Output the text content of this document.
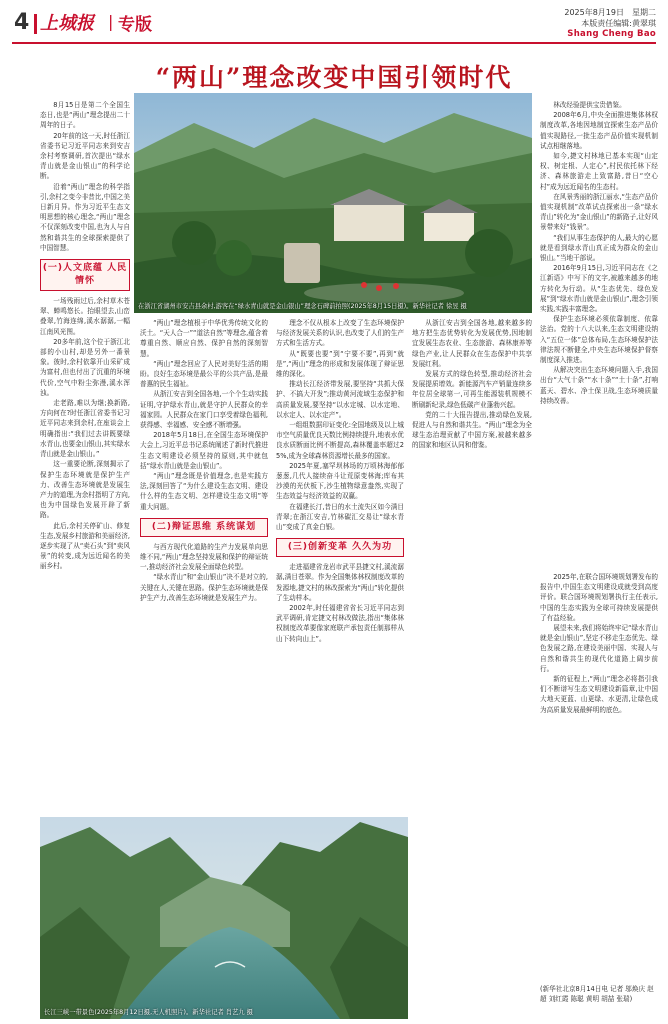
4 上城报 | 专版
2025年8月19日　星期二
本版责任编辑:黄翠琪
Shang Cheng Bao
“两山”理念改变中国引领时代
在浙江省湖州市安吉县余村,游客在“绿水青山就是金山银山”理念石碑前拍照(2025年8月15日摄)。新华社记者 徐昱 摄
长江三峡一带景色(2025年8月12日摄,无人机照片)。新华社记者 肖艺九 摄

8月15日是第二个全国生态日,也是“两山”理念提出二十周年的日子。

20年前的这一天,时任浙江省委书记习近平同志来到安吉余村考察调研,首次提出“绿水青山就是金山银山”的科学论断。

沿着“两山”理念的科学指引,余村之变今非昔比,中国之美日新月异。作为习近平生态文明思想的核心理念,“两山”理念不仅深刻改变中国,也为人与自然和谐共生的全球探索提供了中国智慧。

(一)人文底蕴 人民情怀

一场残雨过后,余村草木苍翠、蝉鸣悠长。抬眼望去,山峦叠翠,竹海连绵,溪水潺潺,一幅江南风光图。

20多年前,这个位于浙江北部的小山村,却是另外一番景象。彼时,余村依靠开山采矿成为富村,但也付出了沉重的环境代价,空气中粉尘弥漫,溪水浑浊。

走老路,难以为继;换新路,方向何在?时任浙江省委书记习近平同志来到余村,在座谈会上明确指出:“我们过去讲既要绿水青山,也要金山银山,其实绿水青山就是金山银山。”

这一重要论断,深刻揭示了保护生态环境就是保护生产力、改善生态环境就是发展生产力的道理,为余村指明了方向,也为中国绿色发展开辟了新路。

此后,余村关停矿山、修复生态,发展乡村旅游和美丽经济,逐步实现了从“卖石头”到“卖风景”的转变,成为远近闻名的美丽乡村。

“两山”理念植根于中华优秀传统文化的沃土。“天人合一”“道法自然”等理念,蕴含着尊重自然、顺应自然、保护自然的深刻智慧。

“两山”理念回应了人民对美好生活的期盼。良好生态环境是最公平的公共产品,是最普惠的民生福祉。

从浙江安吉到全国各地,一个个生动实践证明,守护绿水青山,就是守护人民群众的幸福家园。人民群众在家门口享受着绿色福利,获得感、幸福感、安全感不断增强。

2018年5月18日,在全国生态环境保护大会上,习近平总书记系统阐述了新时代推进生态文明建设必须坚持的原则,其中就包括“绿水青山就是金山银山”。

“两山”理念既是价值理念,也是实践方法,深刻回答了“为什么建设生态文明、建设什么样的生态文明、怎样建设生态文明”等重大问题。

(二)辩证思维 系统谋划

与西方现代化道路的生产力发展单向思维不同,“两山”理念坚持发展和保护的辩证统一,推动经济社会发展全面绿色转型。

“绿水青山”和“金山银山”决不是对立的,关键在人,关键在思路。保护生态环境就是保护生产力,改善生态环境就是发展生产力。

理念不仅从根本上改变了生态环境保护与经济发展关系的认识,也改变了人们的生产方式和生活方式。

从“既要也要”到“宁要不要”,再到“就是”,“两山”理念的形成和发展体现了辩证思维的深化。

推动长江经济带发展,要坚持“共抓大保护、不搞大开发”;推动黄河流域生态保护和高质量发展,要坚持“以水定城、以水定地、以水定人、以水定产”。

一组组数据印证变化:全国地级及以上城市空气质量优良天数比例持续提升,地表水优良水质断面比例不断提高,森林覆盖率超过25%,成为全球森林资源增长最多的国家。

2025年夏,塞罕坝林场的万顷林海郁郁葱葱,几代人接续奋斗让荒原变林海;库布其沙漠的光伏板下,沙生植物绿意盎然,实现了生态效益与经济效益的双赢。

在福建长汀,昔日的水土流失区如今满目青翠;在浙江安吉,竹林碳汇交易让“绿水青山”变成了真金白银。

(三)创新变革 久久为功

走进福建省龙岩市武平县捷文村,溪流潺潺,满目苍翠。作为全国集体林权制度改革的发源地,捷文村的林改探索为“两山”转化提供了生动样本。

2002年,时任福建省省长习近平同志到武平调研,肯定捷文村林改做法,指出“集体林权制度改革要像家庭联产承包责任制那样从山下转向山上”。

林改经验提供宝贵借鉴。

2008年6月,中央全面推进集体林权制度改革,各地因地制宜探索生态产品价值实现路径,一批生态产品价值实现机制试点相继落地。

如今,捷文村林地已基本实现“山定权、树定根、人定心”,村民依托林下经济、森林旅游走上致富路,昔日“空心村”成为远近闻名的生态村。

在风景秀丽的浙江丽水,“生态产品价值实现机制”改革试点探索出一条“绿水青山”转化为“金山银山”的新路子,让好风景带来好“钱景”。

“我们从事生态保护的人,最大的心愿就是看到绿水青山真正成为群众的金山银山。”当地干部说。

2016年9月15日,习近平同志在《之江新语》中写下的文字,被越来越多的地方转化为行动。从“生态优先、绿色发展”到“绿水青山就是金山银山”,理念引领实践,实践丰富理念。

保护生态环境必须依靠制度、依靠法治。党的十八大以来,生态文明建设纳入“五位一体”总体布局,生态环境保护法律法规不断健全,中央生态环境保护督察制度深入推进。

从解决突出生态环境问题入手,我国出台“大气十条”“水十条”“土十条”,打响蓝天、碧水、净土保卫战,生态环境质量持续改善。

从浙江安吉到全国各地,越来越多的地方把生态优势转化为发展优势,因地制宜发展生态农业、生态旅游、森林康养等绿色产业,让人民群众在生态保护中共享发展红利。

发展方式的绿色转型,推动经济社会发展提质增效。新能源汽车产销量连续多年位居全球第一,可再生能源装机规模不断刷新纪录,绿色低碳产业蓬勃兴起。

党的二十大报告提出,推动绿色发展,促进人与自然和谐共生。“两山”理念为全球生态治理贡献了中国方案,被越来越多的国家和地区认同和借鉴。

2025年,在联合国环境规划署发布的报告中,中国生态文明建设成就受到高度评价。联合国环境规划署执行主任表示,中国的生态实践为全球可持续发展提供了有益经验。

展望未来,我们将始终牢记“绿水青山就是金山银山”,坚定不移走生态优先、绿色发展之路,在建设美丽中国、实现人与自然和谐共生的现代化道路上阔步前行。

新的征程上,“两山”理念必将指引我们不断谱写生态文明建设新篇章,让中国大地天更蓝、山更绿、水更清,让绿色成为高质量发展最鲜明的底色。

(新华社北京8月14日电 记者 邬焕庆 赵超 刘红霞 陈聪 黄明 胡喆 张瑞)
